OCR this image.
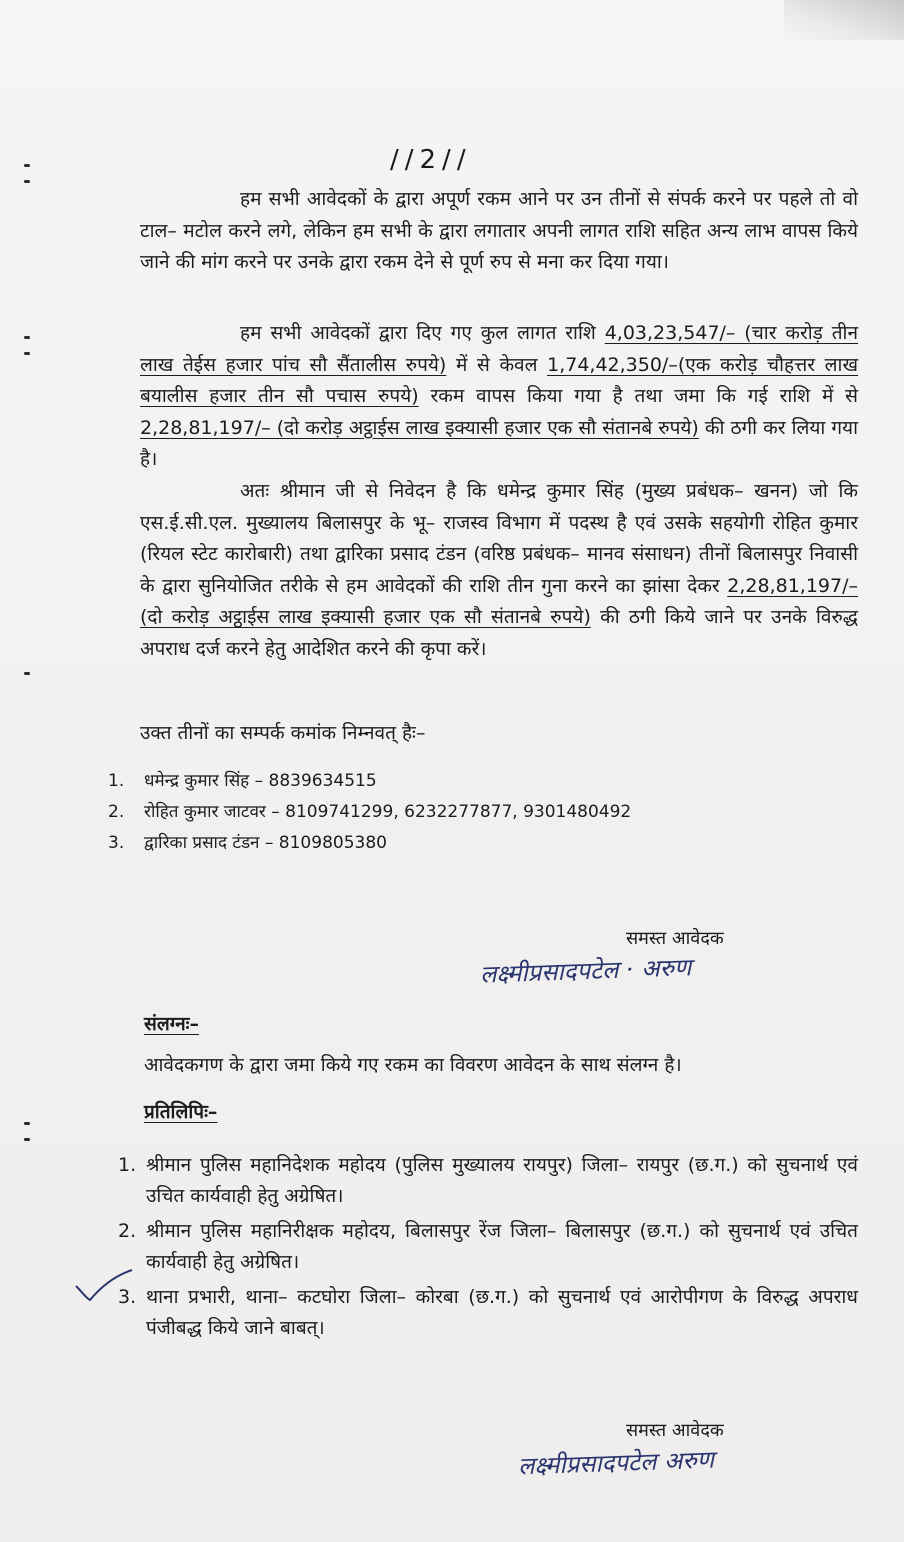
//2//
हम सभी आवेदकों के द्वारा अपूर्ण रकम आने पर उन तीनों से संपर्क करने पर पहले तो वो टाल– मटोल करने लगे, लेकिन हम सभी के द्वारा लगातार अपनी लागत राशि सहित अन्य लाभ वापस किये जाने की मांग करने पर उनके द्वारा रकम देने से पूर्ण रुप से मना कर दिया गया।
हम सभी आवेदकों द्वारा दिए गए कुल लागत राशि 4,03,23,547/– (चार करोड़ तीन लाख तेईस हजार पांच सौ सैंतालीस रुपये) में से केवल 1,74,42,350/–(एक करोड़ चौहत्तर लाख बयालीस हजार तीन सौ पचास रुपये) रकम वापस किया गया है तथा जमा कि गई राशि में से 2,28,81,197/– (दो करोड़ अट्ठाईस लाख इक्यासी हजार एक सौ संतानबे रुपये) की ठगी कर लिया गया है।
अतः श्रीमान जी से निवेदन है कि धमेन्द्र कुमार सिंह (मुख्य प्रबंधक– खनन) जो कि एस.ई.सी.एल. मुख्यालय बिलासपुर के भू– राजस्व विभाग में पदस्थ है एवं उसके सहयोगी रोहित कुमार (रियल स्टेट कारोबारी) तथा द्वारिका प्रसाद टंडन (वरिष्ठ प्रबंधक– मानव संसाधन) तीनों बिलासपुर निवासी के द्वारा सुनियोजित तरीके से हम आवेदकों की राशि तीन गुना करने का झांसा देकर 2,28,81,197/– (दो करोड़ अट्ठाईस लाख इक्यासी हजार एक सौ संतानबे रुपये) की ठगी किये जाने पर उनके विरुद्ध अपराध दर्ज करने हेतु आदेशित करने की कृपा करें।
उक्त तीनों का सम्पर्क कमांक निम्नवत् हैः–
1.	धमेन्द्र कुमार सिंह – 8839634515
2.	रोहित कुमार जाटवर – 8109741299, 6232277877, 9301480492
3.	द्वारिका प्रसाद टंडन – 8109805380
समस्त आवेदक
लक्ष्मीप्रसादपटेल · अरुण
संलग्नः–
आवेदकगण के द्वारा जमा किये गए रकम का विवरण आवेदन के साथ संलग्न है।
प्रतिलिपिः–
1. श्रीमान पुलिस महानिदेशक महोदय (पुलिस मुख्यालय रायपुर) जिला– रायपुर (छ.ग.) को सुचनार्थ एवं उचित कार्यवाही हेतु अग्रेषित।
2. श्रीमान पुलिस महानिरीक्षक महोदय, बिलासपुर रेंज जिला– बिलासपुर (छ.ग.) को सुचनार्थ एवं उचित कार्यवाही हेतु अग्रेषित।
3. थाना प्रभारी, थाना– कटघोरा जिला– कोरबा (छ.ग.) को सुचनार्थ एवं आरोपीगण के विरुद्ध अपराध पंजीबद्ध किये जाने बाबत्।
समस्त आवेदक
लक्ष्मीप्रसादपटेल अरुण
